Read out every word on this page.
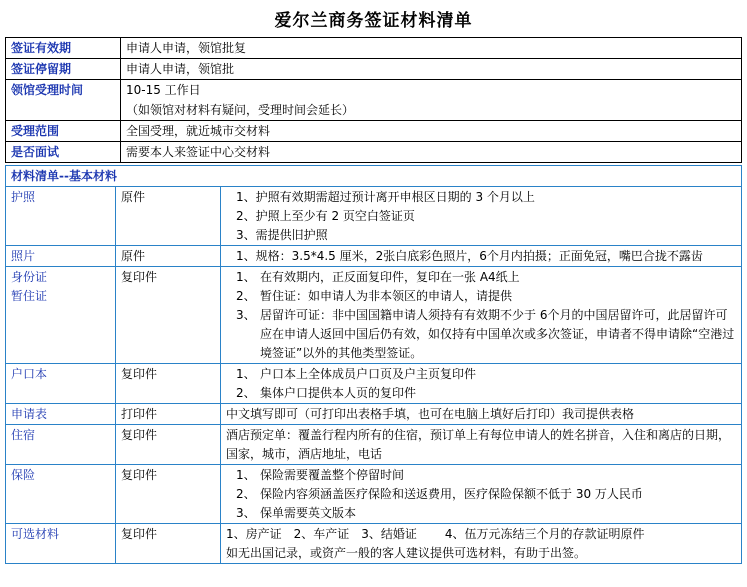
爱尔兰商务签证材料清单
签证有效期	申请人申请，领馆批复
签证停留期	申请人申请，领馆批
领馆受理时间	10-15 工作日
（如领馆对材料有疑问，受理时间会延长）

受理范围	全国受理，就近城市交材料
是否面试	需要本人来签证中心交材料
材料清单--基本材料		
护照	原件	1、护照有效期需超过预计离开申根区日期的 3 个月以上
2、护照上至少有 2 页空白签证页
3、需提供旧护照

照片	原件	1、规格：3.5*4.5 厘米，2张白底彩色照片，6个月内拍摄；正面免冠，嘴巴合拢不露齿

身份证
暂住证	复印件	1、 在有效期内，正反面复印件，复印在一张 A4纸上
2、 暂住证：如申请人为非本领区的申请人，请提供
3、 居留许可证：非中国国籍申请人须持有有效期不少于 6个月的中国居留许可，此居留许可应在申请人返回中国后仍有效，如仅持有中国单次或多次签证，申请者不得申请除“空港过境签证”以外的其他类型签证。

户口本	复印件	1、 户口本上全体成员户口页及户主页复印件
2、 集体户口提供本人页的复印件

申请表	打印件	中文填写即可（可打印出表格手填，也可在电脑上填好后打印）我司提供表格
住宿	复印件	酒店预定单：覆盖行程内所有的住宿，预订单上有每位申请人的姓名拼音，入住和离店的日期，国家，城市，酒店地址，电话
保险	复印件	1、 保险需要覆盖整个停留时间
2、 保险内容须涵盖医疗保险和送返费用，医疗保险保额不低于 30 万人民币
3、 保单需要英文版本

可选材料	复印件	1、房产证 2、车产证 3、结婚证 4、伍万元冻结三个月的存款证明原件
如无出国记录，或资产一般的客人建议提供可选材料，有助于出签。
